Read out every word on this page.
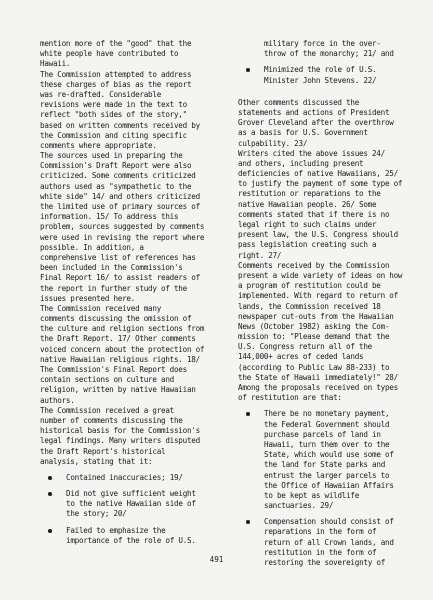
mention more of the "good" that the
white people have contributed to
Hawaii.
The Commission attempted to address
these charges of bias as the report
was re-drafted. Considerable
revisions were made in the text to
reflect "both sides of the story,"
based on written comments received by
the Commission and citing specific
comments where appropriate.
The sources used in preparing the
Commission's Draft Report were also
criticized. Some comments criticized
authors used as "sympathetic to the
white side" 14/ and others criticized
the limited use of primary sources of
information. 15/ To address this
problem, sources suggested by comments
were used in revising the report where
possible. In addition, a
comprehensive list of references has
been included in the Commission's
Final Report 16/ to assist readers of
the report in further study of the
issues presented here.
The Commission received many
comments discussing the omission of
the culture and religion sections from
the Draft Report. 17/ Other comments
voiced concern about the protection of
native Hawaiian religious rights. 18/
The Commission's Final Report does
contain sections on culture and
religion, written by native Hawaiian
authors.
The Commission received a great
number of comments discussing the
historical basis for the Commission's
legal findings. Many writers disputed
the Draft Report's historical
analysis, stating that it:
Contained inaccuracies; 19/
Did not give sufficient weight
to the native Hawaiian side of
the story; 20/
Failed to emphasize the
importance of the role of U.S.
military force in the over-
throw of the monarchy; 21/ and
Minimized the role of U.S.
Minister John Stevens. 22/
Other comments discussed the
statements and actions of President
Grover Cleveland after the overthrow
as a basis for U.S. Government
culpability. 23/
Writers cited the above issues 24/
and others, including present
deficiencies of native Hawaiians, 25/
to justify the payment of some type of
restitution or reparations to the
native Hawaiian people. 26/ Some
comments stated that if there is no
legal right to such claims under
present law, the U.S. Congress should
pass legislation creating such a
right. 27/
Comments received by the Commission
present a wide variety of ideas on how
a program of restitution could be
implemented. With regard to return of
lands, the Commission received 18
newspaper cut-outs from the Hawaiian
News (October 1982) asking the Com-
mission to: "Please demand that the
U.S. Congress return all of the
144,000+ acres of ceded lands
(according to Public Law 88-233) to
the State of Hawaii immediately!" 28/
Among the proposals received on types
of restitution are that:
There be no monetary payment,
the Federal Government should
purchase parcels of land in
Hawaii, turn them over to the
State, which would use some of
the land for State parks and
entrust the larger parcels to
the Office of Hawaiian Affairs
to be kept as wildlife
sanctuaries. 29/
Compensation should consist of
reparations in the form of
return of all Crown lands, and
restitution in the form of
restoring the sovereignty of
491
